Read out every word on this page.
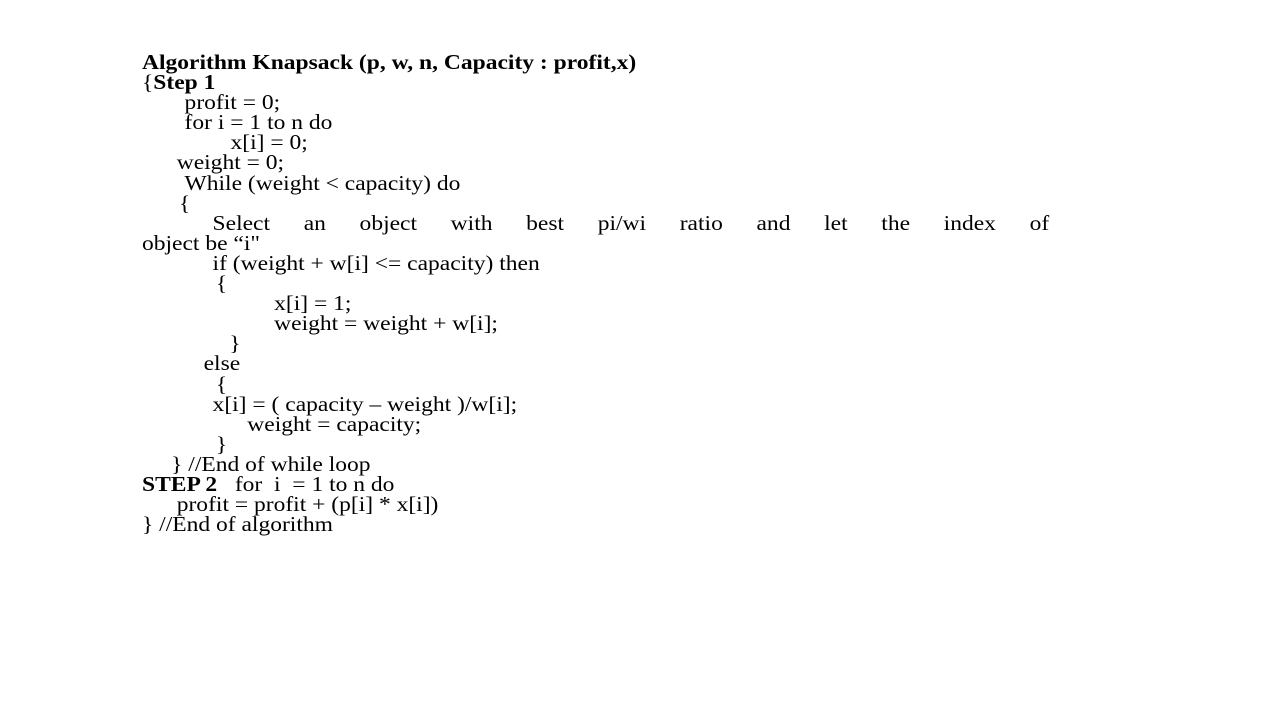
Algorithm Knapsack (p, w, n, Capacity : profit,x)
{Step 1
profit = 0;
for i = 1 to n do
x[i] = 0;
weight = 0;
While (weight < capacity) do
{
Select an object with best pi/wi ratio and let the index of
object be “i"
if (weight + w[i] <= capacity) then
{
x[i] = 1;
weight = weight + w[i];
}
else
{
x[i] = ( capacity – weight )/w[i];
weight = capacity;
}
} //End of while loop
STEP 2 for  i  = 1 to n do
profit = profit + (p[i] * x[i])
} //End of algorithm
